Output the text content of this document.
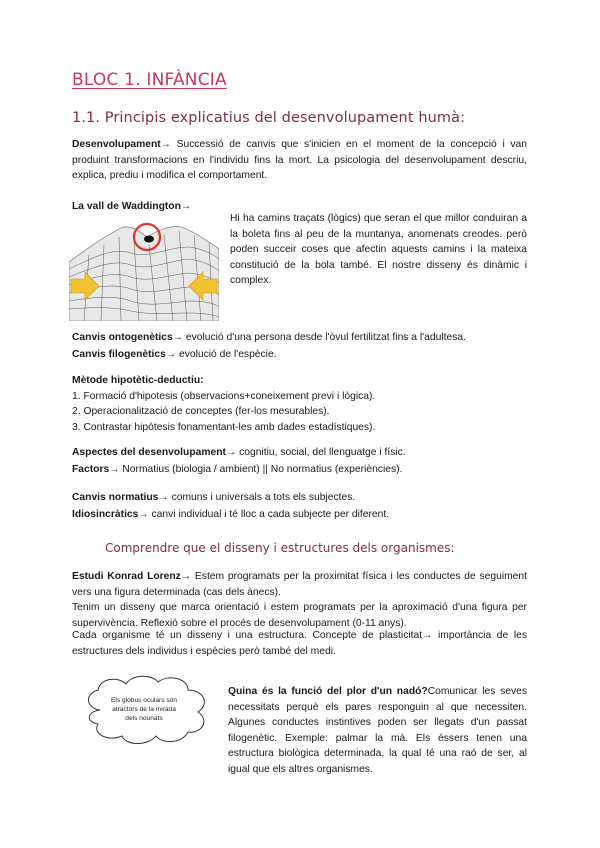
BLOC 1. INFÀNCIA
1.1. Principis explicatius del desenvolupament humà:
Desenvolupament→ Successió de canvis que s'inicien en el moment de la concepció i van produint transformacions en l'individu fins la mort. La psicologia del desenvolupament descriu, explica, prediu i modifica el comportament.
La vall de Waddington→
Hi ha camins traçats (lògics) que seran el que millor conduiran a la boleta fins al peu de la muntanya, anomenats creodes. però poden succeir coses que afectin aquests camins i la mateixa constitució de la bola també. El nostre disseny és dinàmic i complex.
Canvis ontogenètics→ evolució d'una persona desde l'òvul fertilitzat fins a l'adultesa.
Canvis filogenètics→ evolució de l'espècie.
Mètode hipotètic-deductiu:
1. Formació d'hipotesis (observacions+coneixement previ i lògica).
2. Operacionalització de conceptes (fer-los mesurables).
3. Contrastar hipòtesis fonamentant-les amb dades estadístiques).
Aspectes del desenvolupament→ cognitiu, social, del llenguatge i físic.
Factors→ Normatius (biologia / ambient) || No normatius (experiències).
Canvis normatius→ comuns i universals a tots els subjectes.
Idiosincràtics→ canvi individual i té lloc a cada subjecte per diferent.
Comprendre que el disseny i estructures dels organismes:
Estudi Konrad Lorenz→ Estem programats per la proximitat física i les conductes de seguiment vers una figura determinada (cas dels ànecs).
Tenim un disseny que marca orientació i estem programats per la aproximació d'una figura per supervivència. Reflexió sobre el procés de desenvolupament (0-11 anys).
Cada organisme té un disseny i una estructura. Concepte de plasticitat→ importància de les estructures dels individus i espècies però també del medi.
Els globus oculars són
atractors de la mirada
dels nounats
Quina és la funció del plor d'un nadó?Comunicar les seves necessitats perquè els pares responguin al que necessiten. Algunes conductes instintives poden ser llegats d'un passat filogenètic. Exemple: palmar la mà. Els éssers tenen una estructura biològica determinada, la qual té una raó de ser, al igual que els altres organismes.
